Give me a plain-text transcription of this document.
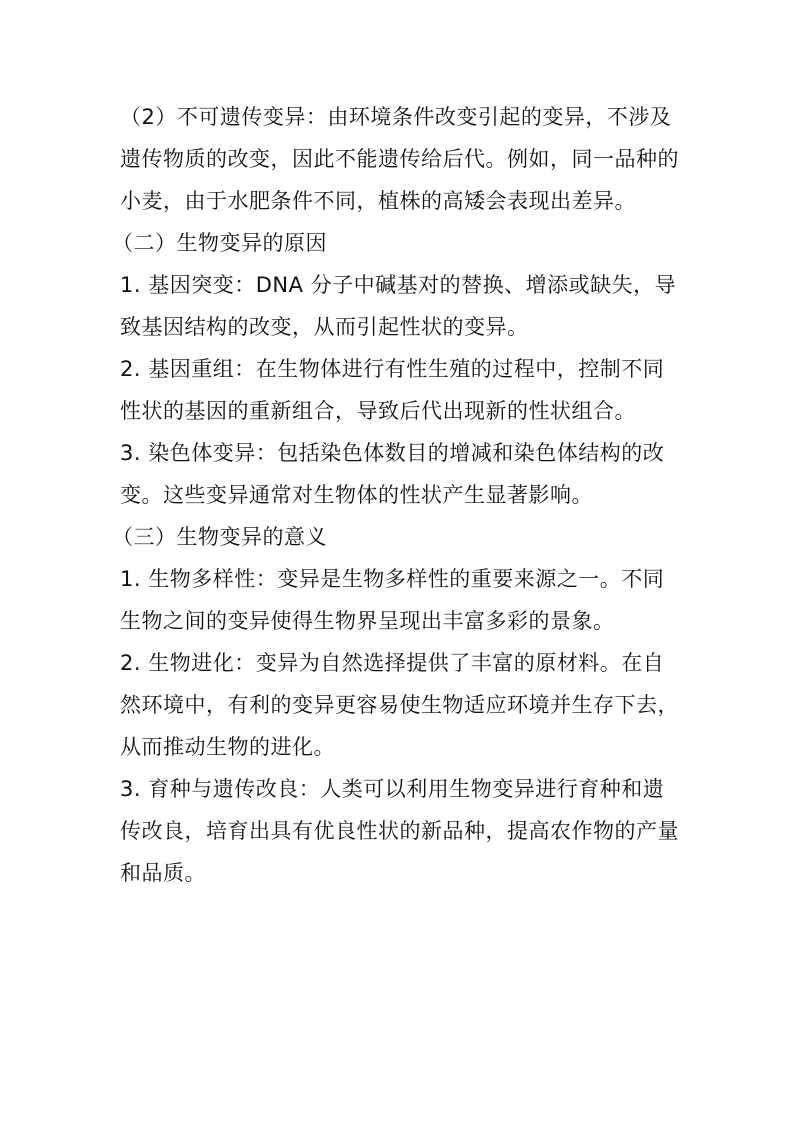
（2）不可遗传变异：由环境条件改变引起的变异，不涉及遗传物质的改变，因此不能遗传给后代。例如，同一品种的小麦，由于水肥条件不同，植株的高矮会表现出差异。

（二）生物变异的原因

1. 基因突变：DNA 分子中碱基对的替换、增添或缺失，导致基因结构的改变，从而引起性状的变异。

2. 基因重组：在生物体进行有性生殖的过程中，控制不同性状的基因的重新组合，导致后代出现新的性状组合。

3. 染色体变异：包括染色体数目的增减和染色体结构的改变。这些变异通常对生物体的性状产生显著影响。

（三）生物变异的意义

1. 生物多样性：变异是生物多样性的重要来源之一。不同生物之间的变异使得生物界呈现出丰富多彩的景象。

2. 生物进化：变异为自然选择提供了丰富的原材料。在自然环境中，有利的变异更容易使生物适应环境并生存下去，从而推动生物的进化。

3. 育种与遗传改良：人类可以利用生物变异进行育种和遗传改良，培育出具有优良性状的新品种，提高农作物的产量和品质。
